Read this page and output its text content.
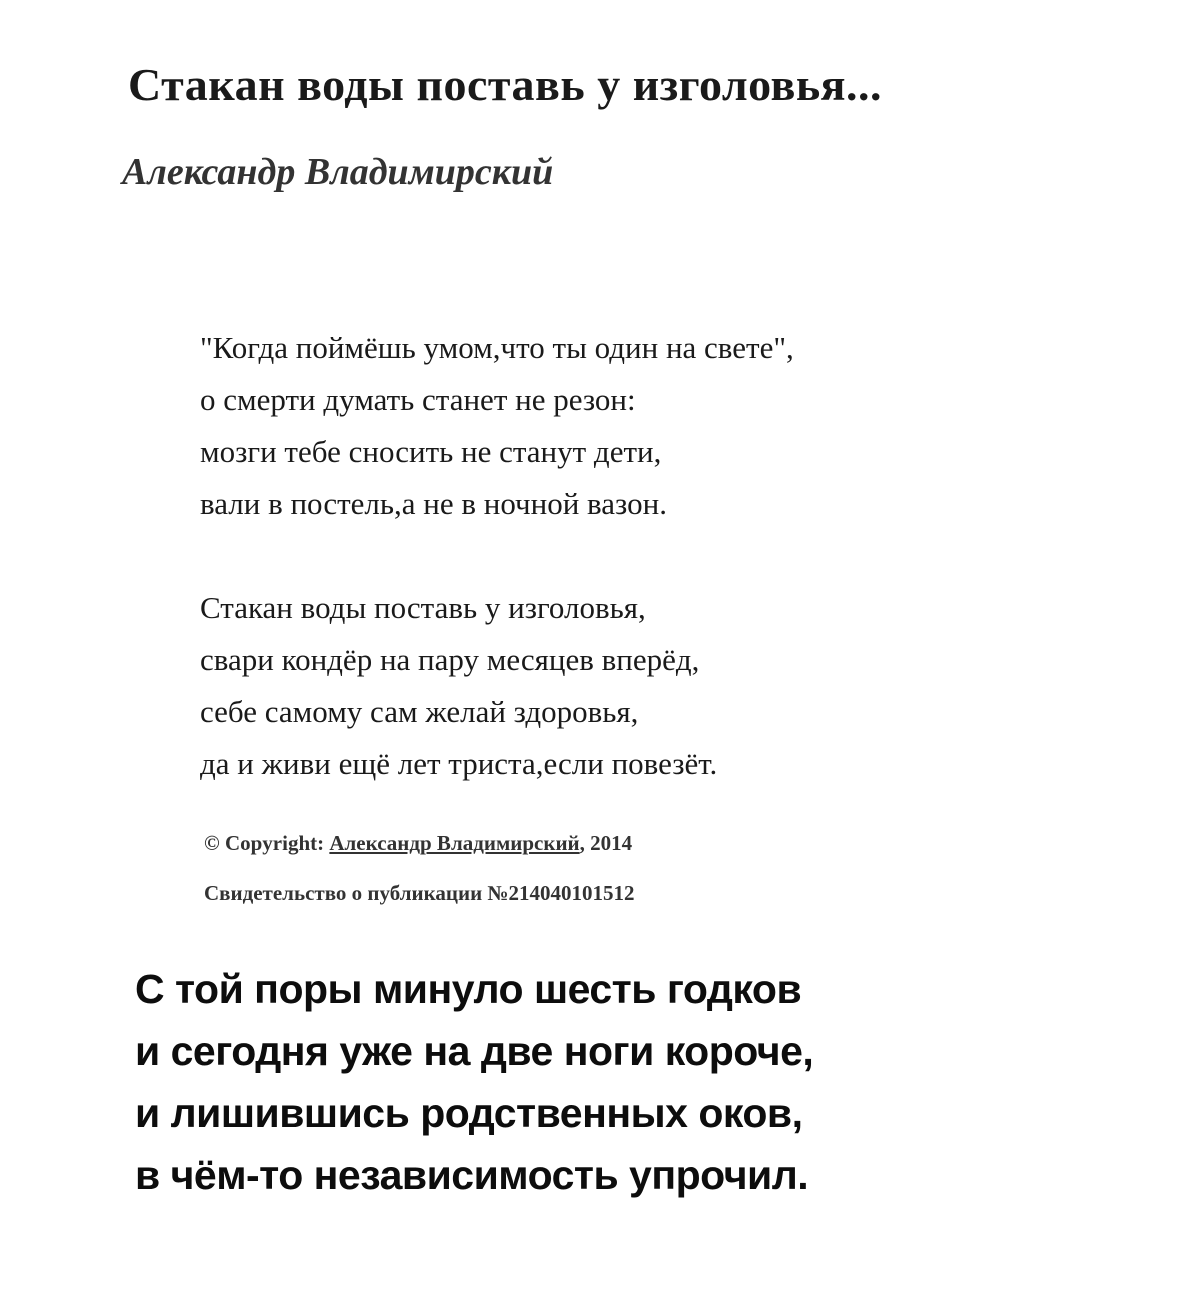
Стакан воды поставь у изголовья...
Александр Владимирский

"Когда поймёшь умом,что ты один на свете",
о смерти думать станет не резон:
мозги тебе сносить не станут дети,
вали в постель,а не в ночной вазон.

Стакан воды поставь у изголовья,
свари кондёр на пару месяцев вперёд,
себе самому сам желай здоровья,
да и живи ещё лет триста,если повезёт.

© Copyright: Александр Владимирский, 2014
Свидетельство о публикации №214040101512
С той поры минуло шесть годков
и сегодня уже на две ноги короче,
и лишившись родственных оков,
в чём-то независимость упрочил.
